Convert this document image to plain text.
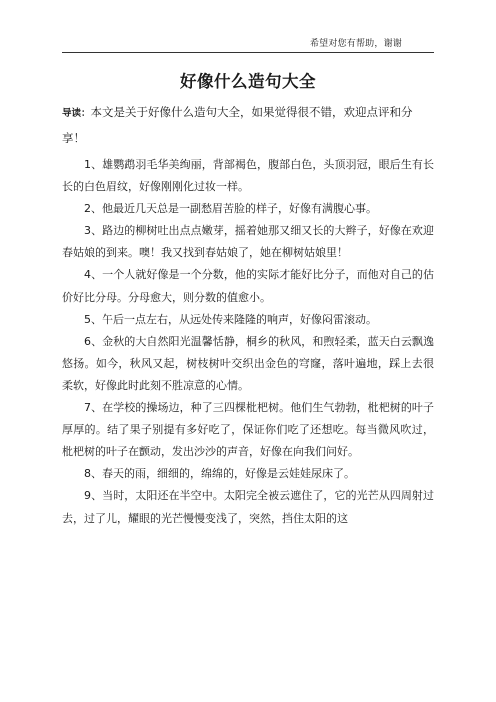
希望对您有帮助，谢谢
好像什么造句大全
导读：本文是关于好像什么造句大全，如果觉得很不错，欢迎点评和分享！

1、雄鹦鹉羽毛华美绚丽，背部褐色，腹部白色，头顶羽冠，眼后生有长长的白色眉纹，好像刚刚化过妆一样。

2、他最近几天总是一副愁眉苦脸的样子，好像有满腹心事。

3、路边的柳树吐出点点嫩芽，摇着她那又细又长的大辫子，好像在欢迎春姑娘的到来。噢！我又找到春姑娘了，她在柳树姑娘里！

4、一个人就好像是一个分数，他的实际才能好比分子，而他对自己的估价好比分母。分母愈大，则分数的值愈小。

5、午后一点左右，从远处传来隆隆的响声，好像闷雷滚动。

6、金秋的大自然阳光温馨恬静，桐乡的秋风，和煦轻柔，蓝天白云飘逸悠扬。如今，秋风又起，树枝树叶交织出金色的穹窿，落叶遍地，踩上去很柔软，好像此时此刻不胜凉意的心情。

7、在学校的操场边，种了三四棵枇杷树。他们生气勃勃，枇杷树的叶子厚厚的。结了果子别提有多好吃了，保证你们吃了还想吃。每当微风吹过，枇杷树的叶子在颤动，发出沙沙的声音，好像在向我们问好。

8、春天的雨，细细的，绵绵的，好像是云娃娃尿床了。

9、当时，太阳还在半空中。太阳完全被云遮住了，它的光芒从四周射过去，过了儿，耀眼的光芒慢慢变浅了，突然，挡住太阳的这
